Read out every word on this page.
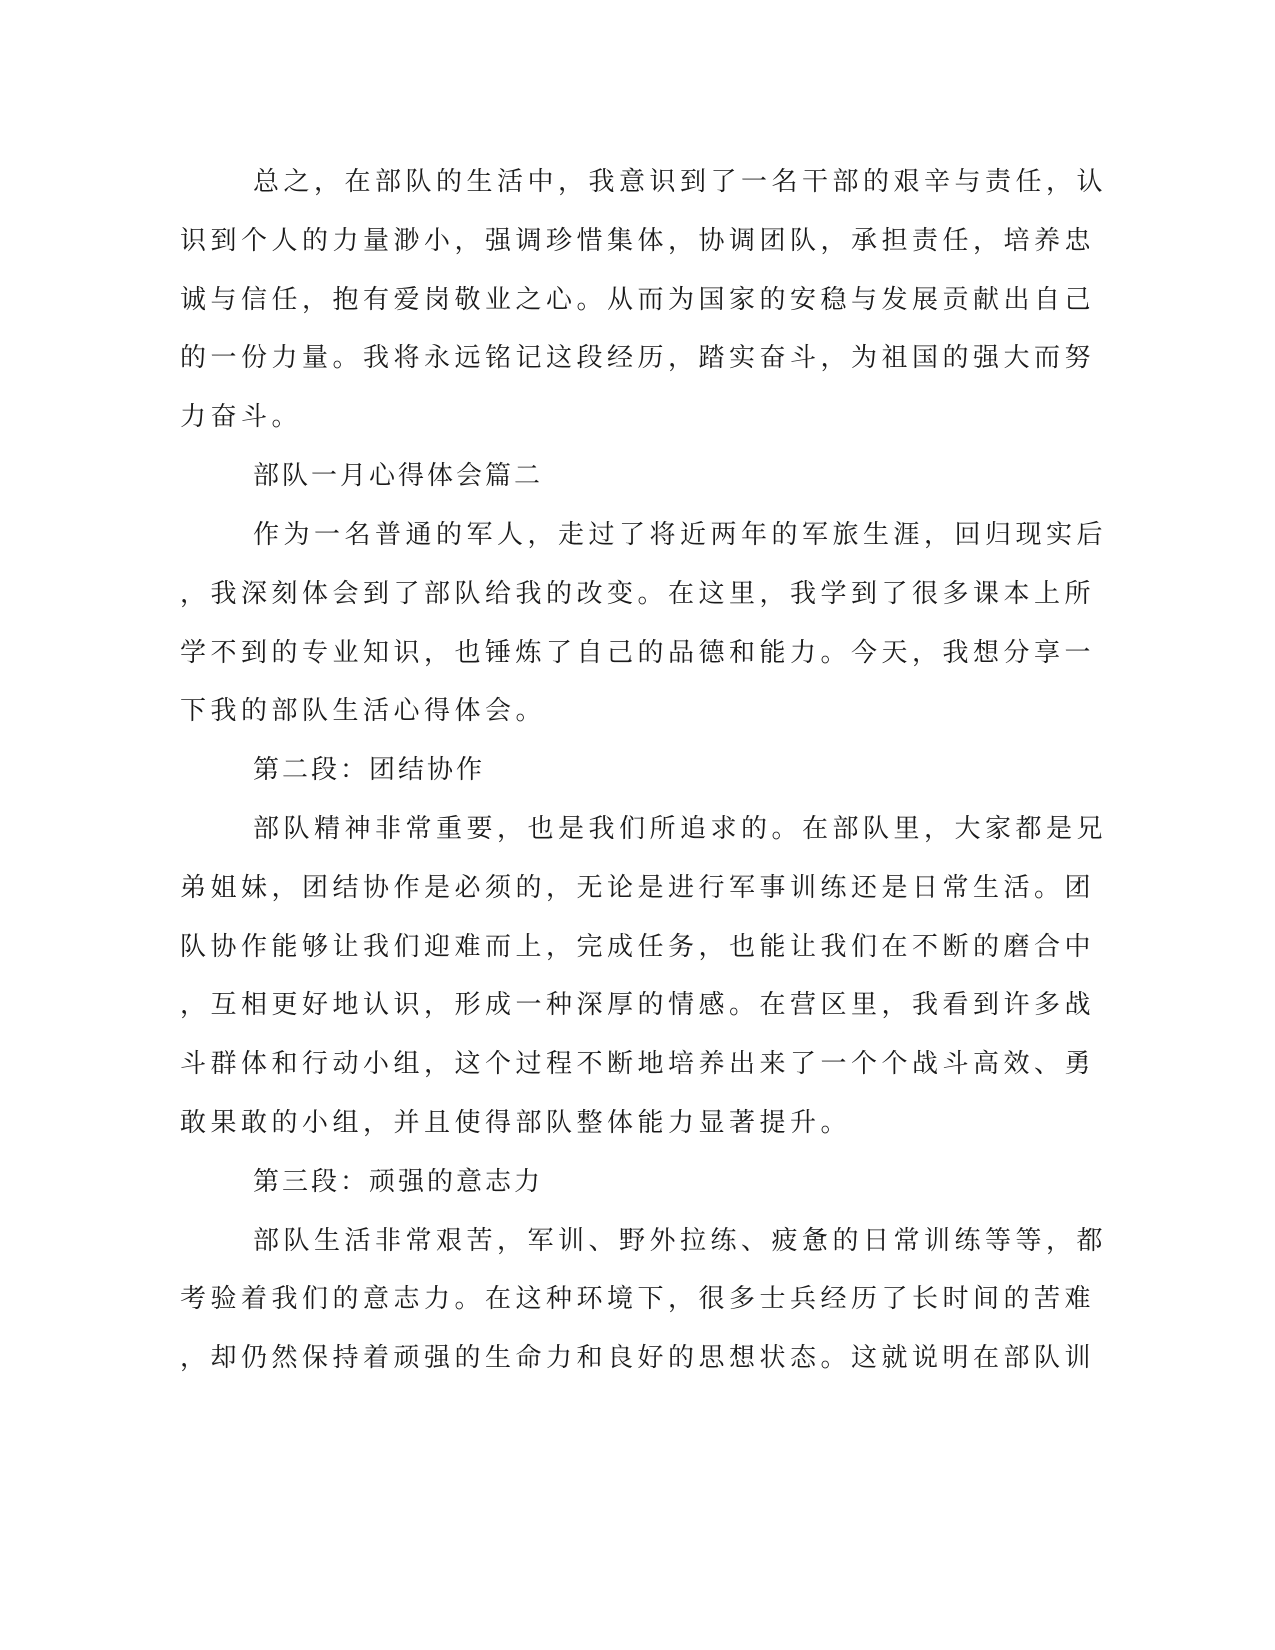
总之，在部队的生活中，我意识到了一名干部的艰辛与责任，认
识到个人的力量渺小，强调珍惜集体，协调团队，承担责任，培养忠
诚与信任，抱有爱岗敬业之心。从而为国家的安稳与发展贡献出自己
的一份力量。我将永远铭记这段经历，踏实奋斗，为祖国的强大而努
力奋斗。
部队一月心得体会篇二
作为一名普通的军人，走过了将近两年的军旅生涯，回归现实后
，我深刻体会到了部队给我的改变。在这里，我学到了很多课本上所
学不到的专业知识，也锤炼了自己的品德和能力。今天，我想分享一
下我的部队生活心得体会。
第二段：团结协作
部队精神非常重要，也是我们所追求的。在部队里，大家都是兄
弟姐妹，团结协作是必须的，无论是进行军事训练还是日常生活。团
队协作能够让我们迎难而上，完成任务，也能让我们在不断的磨合中
，互相更好地认识，形成一种深厚的情感。在营区里，我看到许多战
斗群体和行动小组，这个过程不断地培养出来了一个个战斗高效、勇
敢果敢的小组，并且使得部队整体能力显著提升。
第三段：顽强的意志力
部队生活非常艰苦，军训、野外拉练、疲惫的日常训练等等，都
考验着我们的意志力。在这种环境下，很多士兵经历了长时间的苦难
，却仍然保持着顽强的生命力和良好的思想状态。这就说明在部队训
